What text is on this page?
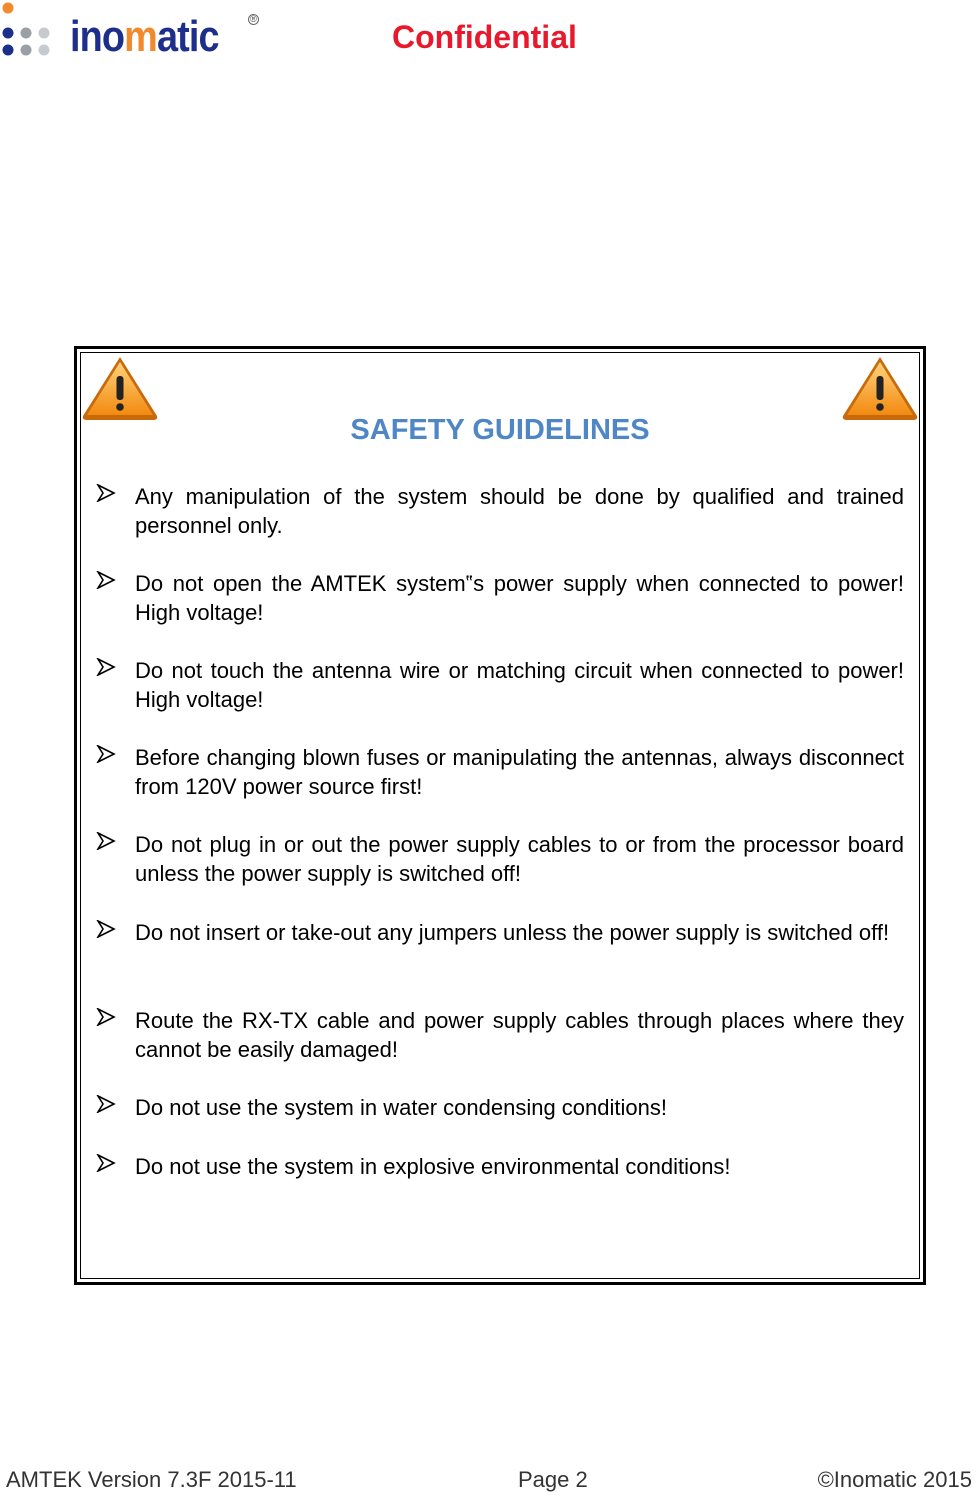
inomatic	®	Confidential
SAFETY GUIDELINES
Any manipulation of the system should be done by qualified and trained personnel only.
Do not open the AMTEK system‟s power supply when connected to power! High voltage!
Do not touch the antenna wire or matching circuit when connected to power! High voltage!
Before changing blown fuses or manipulating the antennas, always disconnect from 120V power source first!
Do not plug in or out the power supply cables to or from the processor board unless the power supply is switched off!
Do not insert or take-out any jumpers unless the power supply is switched off!
Route the RX-TX cable and power supply cables through places where they cannot be easily damaged!
Do not use the system in water condensing conditions!
Do not use the system in explosive environmental conditions!
AMTEK Version 7.3F 2015-11	Page 2	©Inomatic 2015
